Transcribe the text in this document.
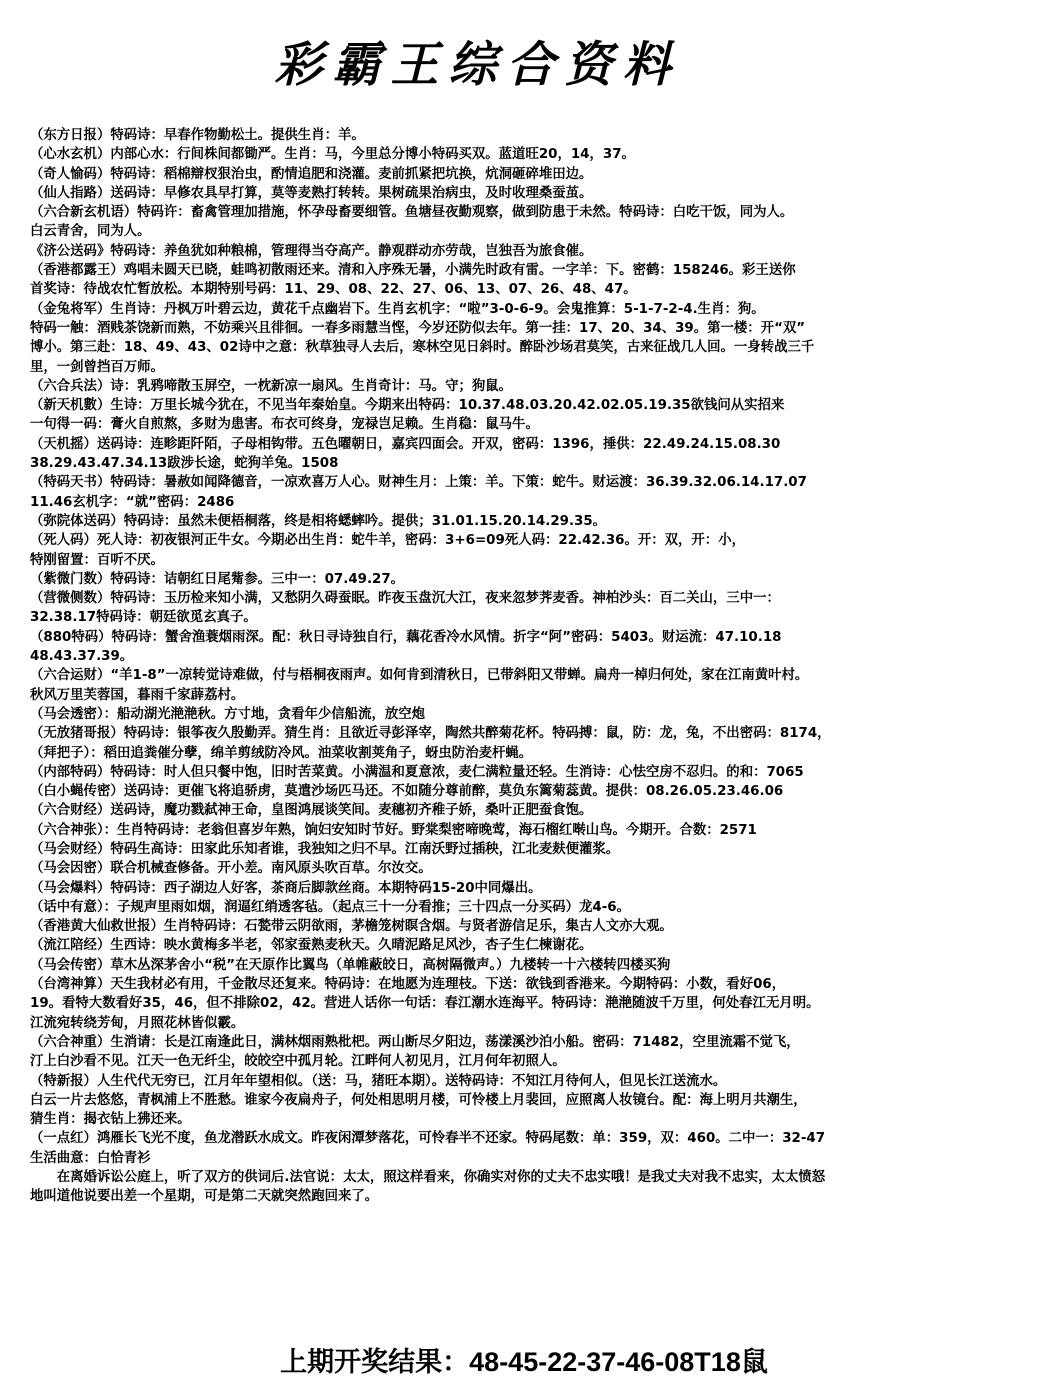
彩霸王综合资料
（东方日报）特码诗：早春作物勤松土。提供生肖：羊。
（心水玄机）内部心水：行间株间都锄严。生肖：马，今里总分博小特码买双。蓝道旺20，14，37。
（奇人愉码）特码诗：稻棉辯杈狠治虫，酌情追肥和浇灌。麦前抓紧把坑换，炕洞砸碎堆田边。
（仙人指路）送码诗：早修农具早打算，莫等麦熟打转转。果树疏果治病虫，及时收理桑蚕茧。
（六合新玄机语）特码许：畜禽管理加措施，怀孕母畜要细管。鱼塘昼夜勤观察，做到防患于未然。特码诗：白吃干饭，同为人。
白云青舍，同为人。
《济公送码》特码诗：养鱼犹如种粮棉，管理得当夺高产。静观群动亦劳哉，岂独吾为旅食催。
（香港都露王）鸡唱未圆天已晓，蛙鸣初散雨还来。清和入序殊无暑，小满先时政有雷。一字羊：下。密鹤：158246。彩王送你
首奖诗：待战农忙暂放松。本期特别号码：11、29、08、22、27、06、13、07、26、48、47。
（金兔将军）生肖诗：丹枫万叶碧云边，黄花千点幽岩下。生肖玄机字：“啦”3-0-6-9。会鬼推算：5-1-7-2-4.生肖：狗。
特码一触：酒贱茶饶新而熟，不妨乘兴且徘徊。一春多雨慧当悭，今岁还防似去年。第一挂：17、20、34、39。第一楼：开“双”
博小。第三赴：18、49、43、02诗中之意：秋草独寻人去后，寒林空见日斜时。醉卧沙场君莫笑，古来征战几人回。一身转战三千
里，一剑曾挡百万师。
（六合兵法）诗：乳鸦啼散玉屏空，一枕新凉一扇风。生肖奇计：马。守；狗鼠。
（新天机數）生诗：万里长城今犹在，不见当年秦始皇。今期来出特码：10.37.48.03.20.42.02.05.19.35欲钱问从实招来
一句得一码：膏火自煎熬，多财为患害。布衣可终身，宠禄岂足赖。生肖稳：鼠马牛。
（天机摇）送码诗：连畛距阡陌，子母相钩带。五色曜朝日，嘉宾四面会。开双，密码：1396，捶供：22.49.24.15.08.30
38.29.43.47.34.13跋涉长途，蛇狗羊兔。1508
（特码天书）特码诗：暑赦如闻降德音，一凉欢喜万人心。财神生月：上策：羊。下策：蛇牛。财运渡：36.39.32.06.14.17.07
11.46玄机字：“就”密码：2486
（弥院体送码）特码诗：虽然未便梧桐落，终是相将蟋蟀吟。提供；31.01.15.20.14.29.35。
（死人码）死人诗：初夜银河正牛女。今期必出生肖：蛇牛羊，密码：3+6=09死人码：22.42.36。开：双，开：小，
特刚留置：百听不厌。
（紫微门数）特码诗：诘朝红日尾觜参。三中一：07.49.27。
（营微侧数）特码诗：玉历检来知小满，又愁阴久碍蚕眠。昨夜玉盘沉大江，夜来忽梦荠麦香。神柏沙头：百二关山，三中一：
32.38.17特码诗：朝廷欲觅玄真子。
（880特码）特码诗：蟹舍渔蓑烟雨深。配：秋日寻诗独自行，藕花香冷水风情。折字“阿”密码：5403。财运流：47.10.18
48.43.37.39。
（六合运财）“羊1-8”一凉转觉诗难做，付与梧桐夜雨声。如何肯到清秋日，已带斜阳又带蝉。扁舟一棹归何处，家在江南黄叶村。
秋风万里芙蓉国，暮雨千家薜荔村。
（马会透密）：船动湖光滟滟秋。方寸地，贪看年少信船流，放空炮
（无放猪哥报）特码诗：银筝夜久殷勤弄。猜生肖：且欲近寻彭泽宰，陶然共醉菊花杯。特码搏：鼠，防：龙，兔，不出密码：8174，
（拜把子）：稻田追粪催分孽，绵羊剪绒防冷风。油菜收割荚角子，蚜虫防治麦杆蝇。
（内部特码）特码诗：时人但只餐中饱，旧时苦菜黄。小满温和夏意浓，麦仁满粒量还轻。生消诗：心怯空房不忍归。的和：7065
（白小蝇传密）送码诗：更催飞将追骄虏，莫遣沙场匹马还。不如随分尊前醉，莫负东篱菊蕊黄。提供：08.26.05.23.46.06
（六合财经）送码诗，魔功戮弑神王命，皇图鸿展谈笑间。麦穗初齐稚子娇，桑叶正肥蚕食饱。
（六合神张）：生肖特码诗：老翁但喜岁年熟，饷妇安知时节好。野棠梨密啼晚莺，海石榴红啭山鸟。今期开。合数：2571
（马会财经）特码生高诗：田家此乐知者谁，我独知之归不早。江南沃野过插秧，江北麦麸便灌浆。
（马会因密）联合机械查修备。开小差。南风原头吹百草。尔汝交。
（马会爆料）特码诗：西子湖边人好客，茶商后脚款丝商。本期特码15-20中同爆出。
（话中有意）：子规声里雨如烟，润逼红绡透客毡。（起点三十一分看推；三十四点一分买码）龙4-6。
（香港黄大仙救世报）生肖特码诗：石甃带云阴欲雨，茅檐笼树瞑含烟。与贤者游信足乐，集古人文亦大观。
（流江陪经）生西诗：映水黄梅多半老，邻家蚕熟麦秋天。久晴泥路足风沙，杏子生仁楝谢花。
（马会传密）草木丛深茅舍小“税”在天原作比翼鸟（单帷蔽皎日，高树隔微声。）九楼转一十六楼转四楼买狗
（台湾神算）天生我材必有用，千金散尽还复来。特码诗：在地愿为连理枝。下送：欲钱到香港来。今期特码：小数，看好06，
19。看特大数看好35，46，但不排除02，42。营进人话你一句话：春江潮水连海平。特码诗：滟滟随波千万里，何处春江无月明。
江流宛转绕芳甸，月照花林皆似霰。
（六合神重）生消请：长是江南逢此日，满林烟雨熟枇杷。两山断尽夕阳边，荡漾溪沙泊小船。密码：71482，空里流霜不觉飞，
汀上白沙看不见。江天一色无纤尘，皎皎空中孤月轮。江畔何人初见月，江月何年初照人。
（特新报）人生代代无穷已，江月年年望相似。（送：马，猪旺本期）。送特码诗：不知江月待何人，但见长江送流水。
白云一片去悠悠，青枫浦上不胜愁。谁家今夜扁舟子，何处相思明月楼，可怜楼上月裴回，应照离人妆镜台。配：海上明月共潮生，
猜生肖：揭衣钻上狒还来。
（一点红）鸿雁长飞光不度，鱼龙潜跃水成文。昨夜闲潭梦落花，可怜春半不还家。特码尾数：单：359，双：460。二中一：32-47
生活曲意：白恰青衫
　　在离婚诉讼公庭上，听了双方的供词后.法官说：太太，照这样看来，你确实对你的丈夫不忠实哦！是我丈夫对我不忠实，太太愤怒
地叫道他说要出差一个星期，可是第二天就突然跑回来了。
上期开奖结果：48-45-22-37-46-08T18鼠
